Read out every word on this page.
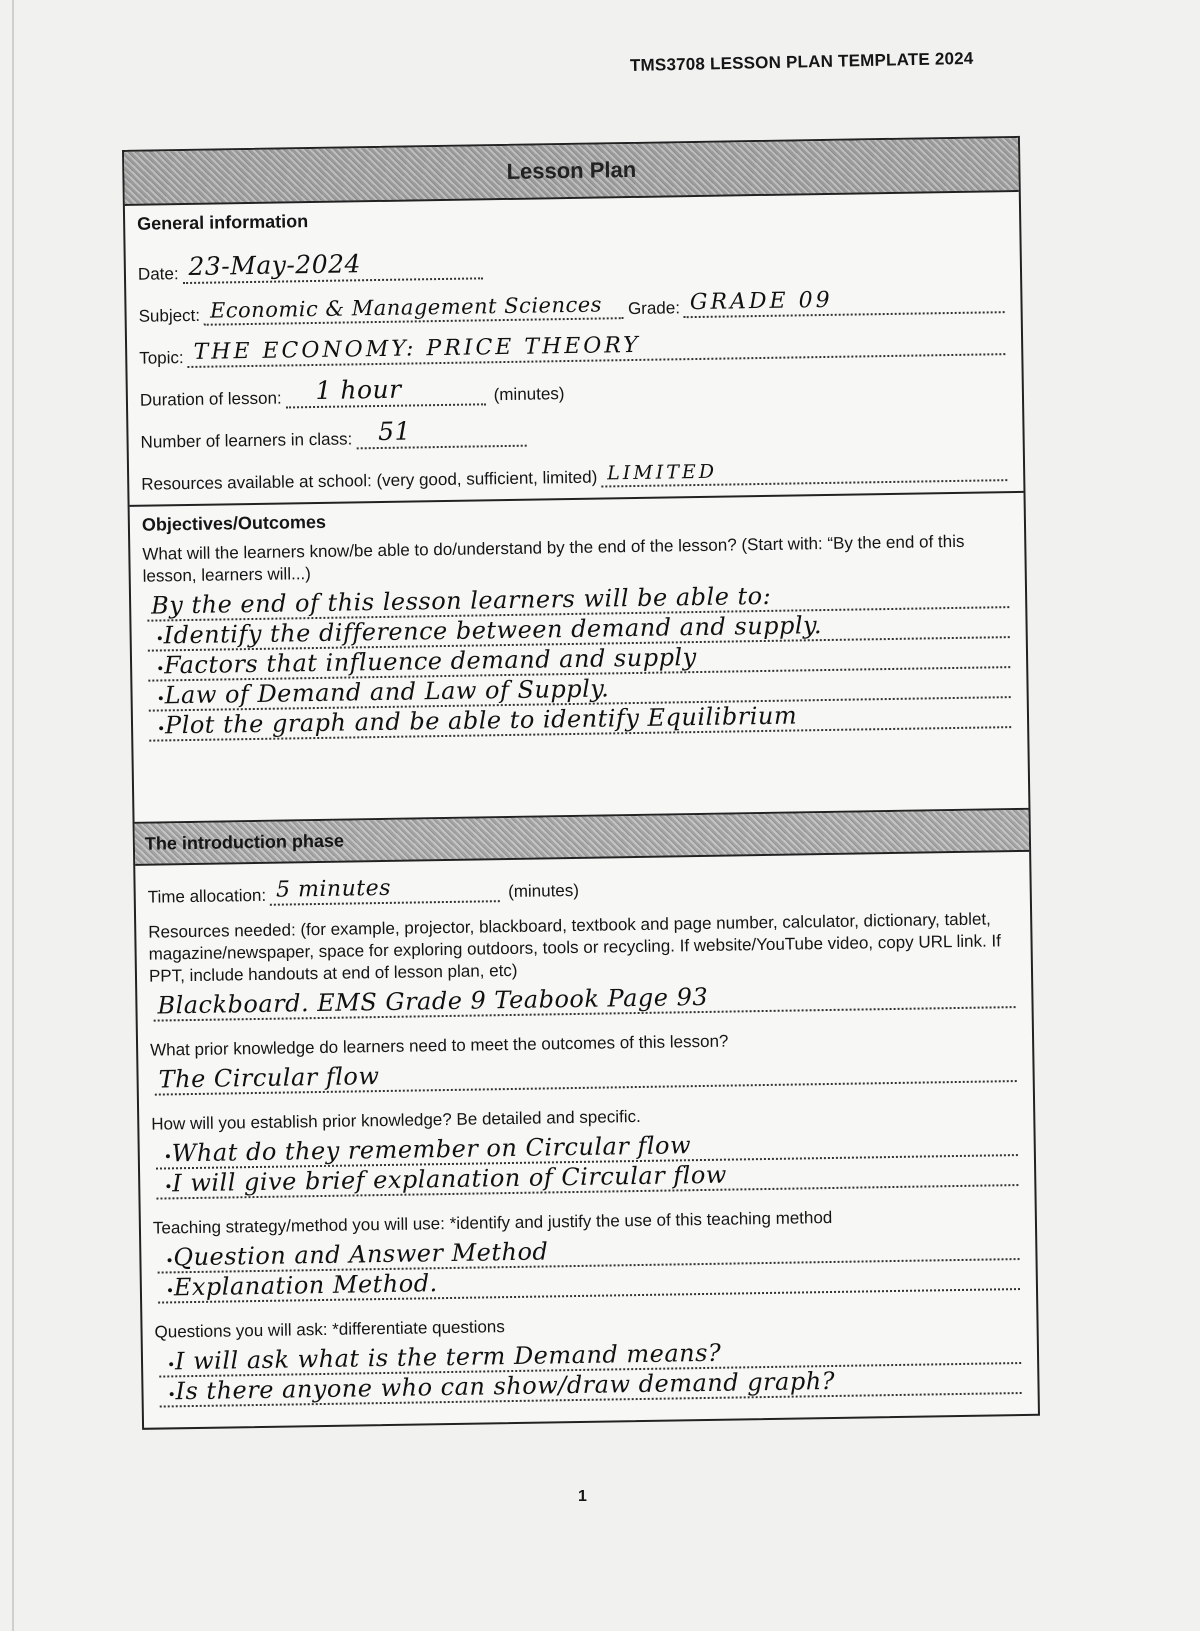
TMS3708 LESSON PLAN TEMPLATE 2024
Lesson Plan
General information
Date: 23-May-2024
Subject: Economic & Management Sciences Grade: GRADE 09
Topic: THE ECONOMY: PRICE THEORY
Duration of lesson: 1 hour	(minutes)
Number of learners in class: 51
Resources available at school: (very good, sufficient, limited) LIMITED
Objectives/Outcomes
What will the learners know/be able to do/understand by the end of the lesson? (Start with: “By the end of this lesson, learners will...)
By the end of this lesson learners will be able to:
• Identify the difference between demand and supply.
• Factors that influence demand and supply
• Law of Demand and Law of Supply.
• Plot the graph and be able to identify Equilibrium
The introduction phase
Time allocation: 5 minutes	(minutes)
Resources needed: (for example, projector, blackboard, textbook and page number, calculator, dictionary, tablet, magazine/newspaper, space for exploring outdoors, tools or recycling. If website/YouTube video, copy URL link. If PPT, include handouts at end of lesson plan, etc)
Blackboard. EMS Grade 9 Teabook Page 93
What prior knowledge do learners need to meet the outcomes of this lesson?
The Circular flow
How will you establish prior knowledge? Be detailed and specific.
• What do they remember on Circular flow
• I will give brief explanation of Circular flow
Teaching strategy/method you will use: *identify and justify the use of this teaching method
• Question and Answer Method
• Explanation Method.
Questions you will ask: *differentiate questions
• I will ask what is the term Demand means?
• Is there anyone who can show/draw demand graph?
1
